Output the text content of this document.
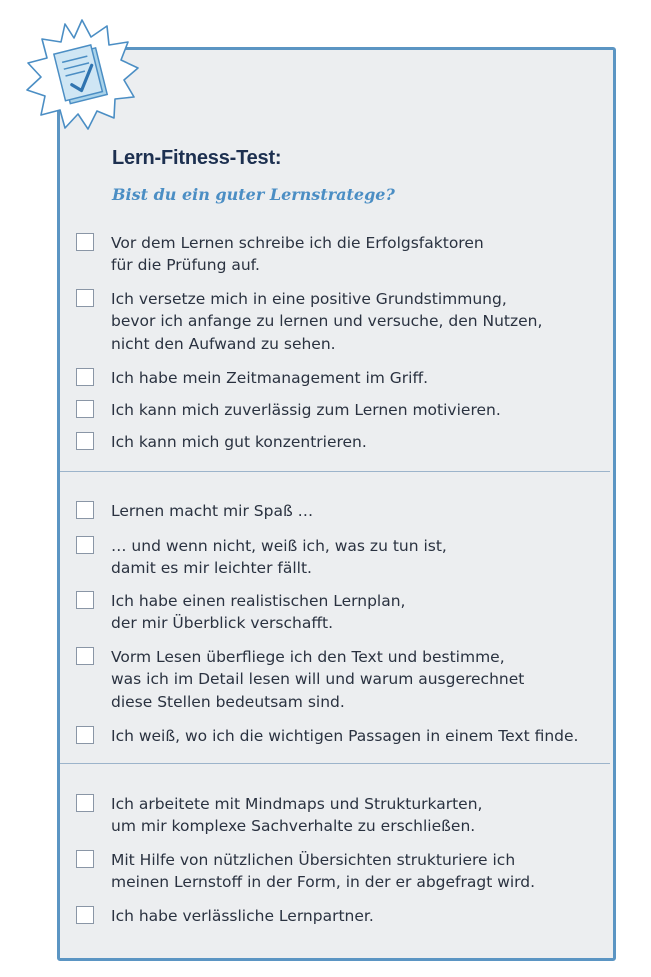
Lern-Fitness-Test:
Bist du ein guter Lernstratege?
Vor dem Lernen schreibe ich die Erfolgsfaktoren
für die Prüfung auf.
Ich versetze mich in eine positive Grundstimmung,
bevor ich anfange zu lernen und versuche, den Nutzen,
nicht den Aufwand zu sehen.
Ich habe mein Zeitmanagement im Griff.
Ich kann mich zuverlässig zum Lernen motivieren.
Ich kann mich gut konzentrieren.
Lernen macht mir Spaß …
… und wenn nicht, weiß ich, was zu tun ist,
damit es mir leichter fällt.
Ich habe einen realistischen Lernplan,
der mir Überblick verschafft.
Vorm Lesen überfliege ich den Text und bestimme,
was ich im Detail lesen will und warum ausgerechnet
diese Stellen bedeutsam sind.
Ich weiß, wo ich die wichtigen Passagen in einem Text finde.
Ich arbeitete mit Mindmaps und Strukturkarten,
um mir komplexe Sachverhalte zu erschließen.
Mit Hilfe von nützlichen Übersichten strukturiere ich
meinen Lernstoff in der Form, in der er abgefragt wird.
Ich habe verlässliche Lernpartner.
